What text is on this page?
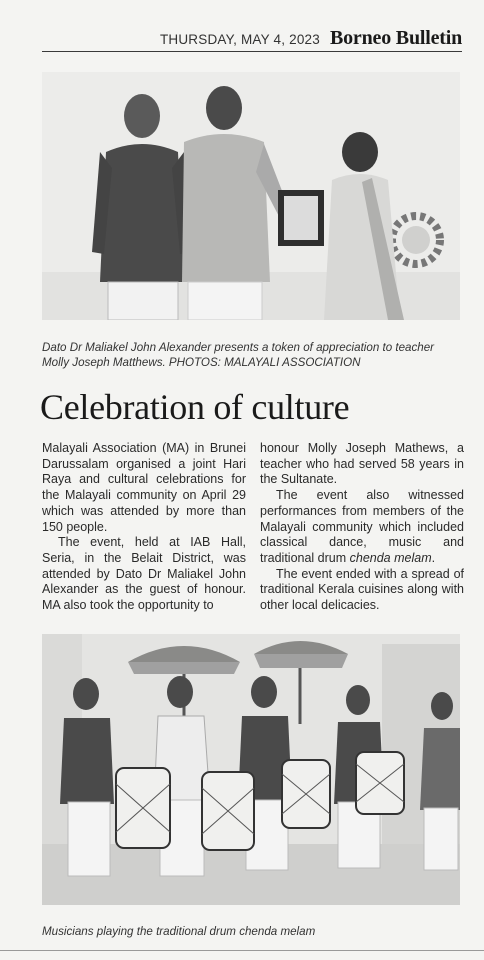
THURSDAY, MAY 4, 2023 Borneo Bulletin
Dato Dr Maliakel John Alexander presents a token of appreciation to teacher Molly Joseph Matthews. PHOTOS: MALAYALI ASSOCIATION
Celebration of culture

Malayali Association (MA) in Brunei Darussalam organised a joint Hari Raya and cultural celebrations for the Malayali community on April 29 which was attended by more than 150 people.

The event, held at IAB Hall, Seria, in the Belait District, was attended by Dato Dr Maliakel John Alexander as the guest of honour. MA also took the opportunity to

honour Molly Joseph Mathews, a teacher who had served 58 years in the Sultanate.

The event also witnessed performances from members of the Malayali community which included classical dance, music and traditional drum chenda melam.

The event ended with a spread of traditional Kerala cuisines along with other local delicacies.

Musicians playing the traditional drum chenda melam
